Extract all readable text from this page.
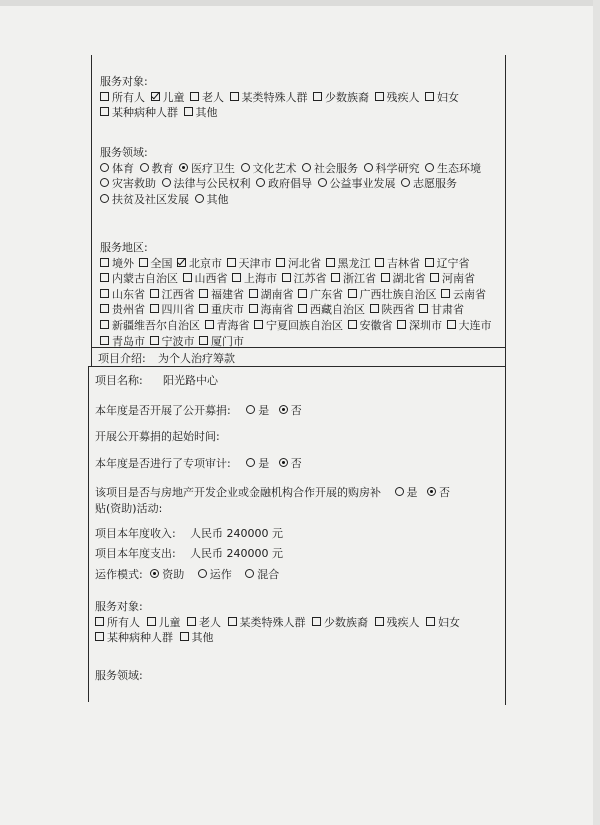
服务对象:
所有人 儿童 老人 某类特殊人群 少数族裔 残疾人 妇女 某种病种人群 其他
服务领域:
体育 教育 医疗卫生 文化艺术 社会服务 科学研究 生态环境 灾害救助 法律与公民权利 政府倡导 公益事业发展 志愿服务 扶贫及社区发展 其他
服务地区:
境外 全国 北京市 天津市 河北省 黑龙江 吉林省 辽宁省 内蒙古自治区 山西省 上海市 江苏省 浙江省 湖北省 河南省 山东省 江西省 福建省 湖南省 广东省 广西壮族自治区 云南省 贵州省 四川省 重庆市 海南省 西藏自治区 陕西省 甘肃省 新疆维吾尔自治区 青海省 宁夏回族自治区 安徽省 深圳市 大连市 青岛市 宁波市 厦门市
项目介绍: 为个人治疗筹款
项目名称: 阳光路中心
本年度是否开展了公开募捐:	是 否
开展公开募捐的起始时间:
本年度是否进行了专项审计:	是 否
该项目是否与房地产开发企业或金融机构合作开展的购房补 是 否
贴(资助)活动:
项目本年度收入: 人民币 240000 元
项目本年度支出: 人民币 240000 元
运作模式: 资助 运作 混合
服务对象:
所有人 儿童 老人 某类特殊人群 少数族裔 残疾人 妇女 某种病种人群 其他
服务领域:
